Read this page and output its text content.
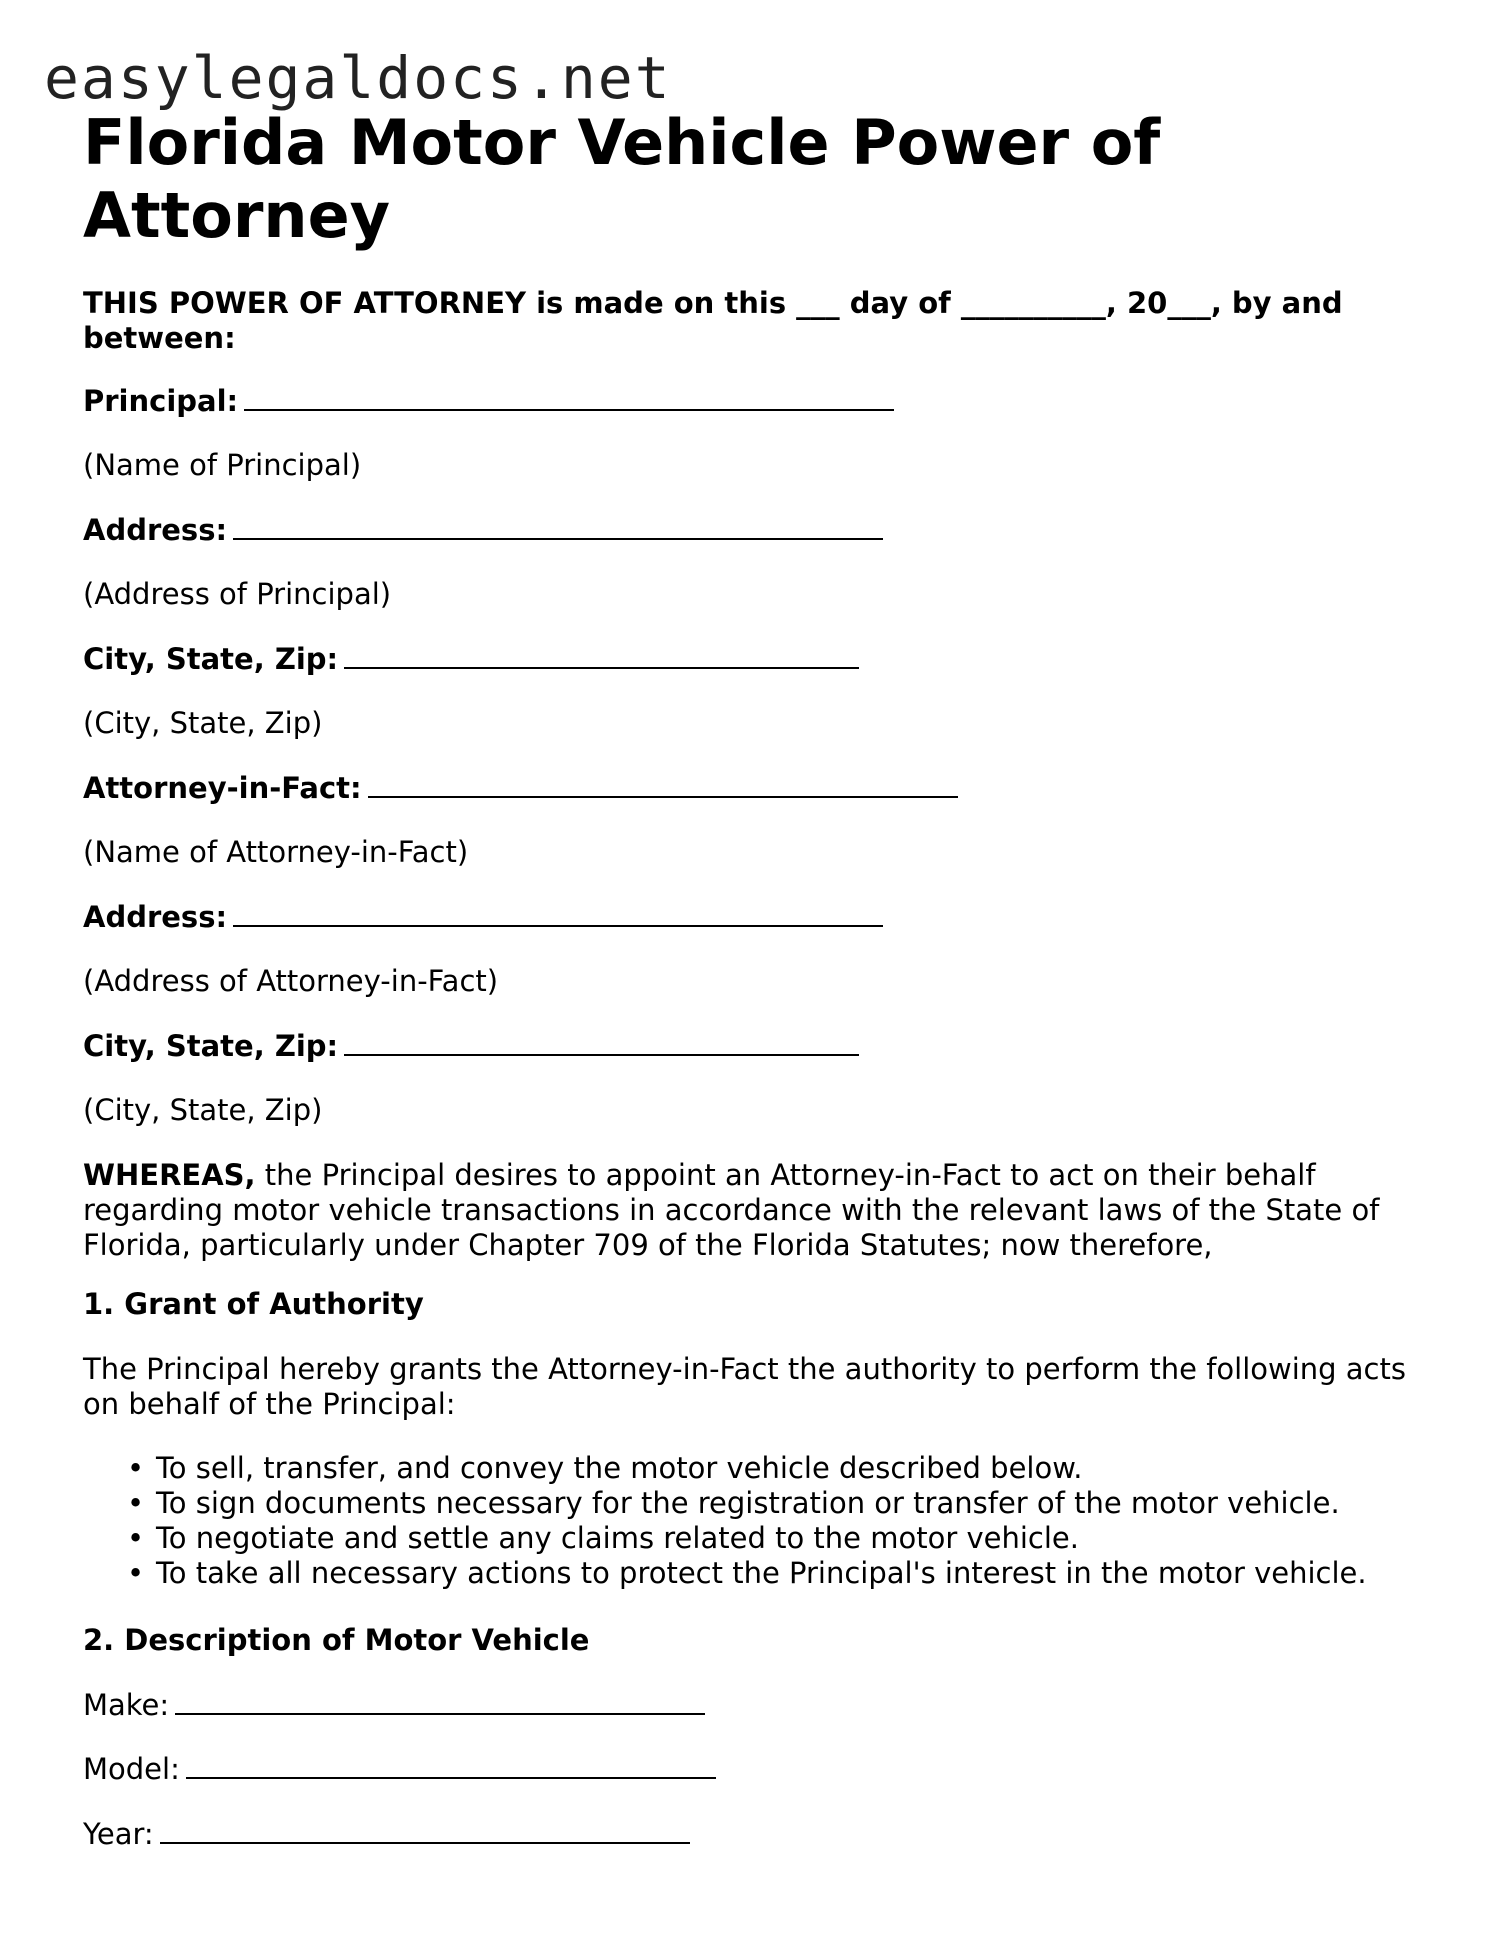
easylegaldocs.net
Florida Motor Vehicle Power of Attorney

THIS POWER OF ATTORNEY is made on this ___ day of __________, 20___, by and between:

Principal:

(Name of Principal)

Address:

(Address of Principal)

City, State, Zip:

(City, State, Zip)

Attorney-in-Fact:

(Name of Attorney-in-Fact)

Address:

(Address of Attorney-in-Fact)

City, State, Zip:

(City, State, Zip)

WHEREAS, the Principal desires to appoint an Attorney-in-Fact to act on their behalf regarding motor vehicle transactions in accordance with the relevant laws of the State of Florida, particularly under Chapter 709 of the Florida Statutes; now therefore,

1. Grant of Authority

The Principal hereby grants the Attorney-in-Fact the authority to perform the following acts on behalf of the Principal:

• To sell, transfer, and convey the motor vehicle described below.
• To sign documents necessary for the registration or transfer of the motor vehicle.
• To negotiate and settle any claims related to the motor vehicle.
• To take all necessary actions to protect the Principal's interest in the motor vehicle.

2. Description of Motor Vehicle

Make:

Model:

Year:
